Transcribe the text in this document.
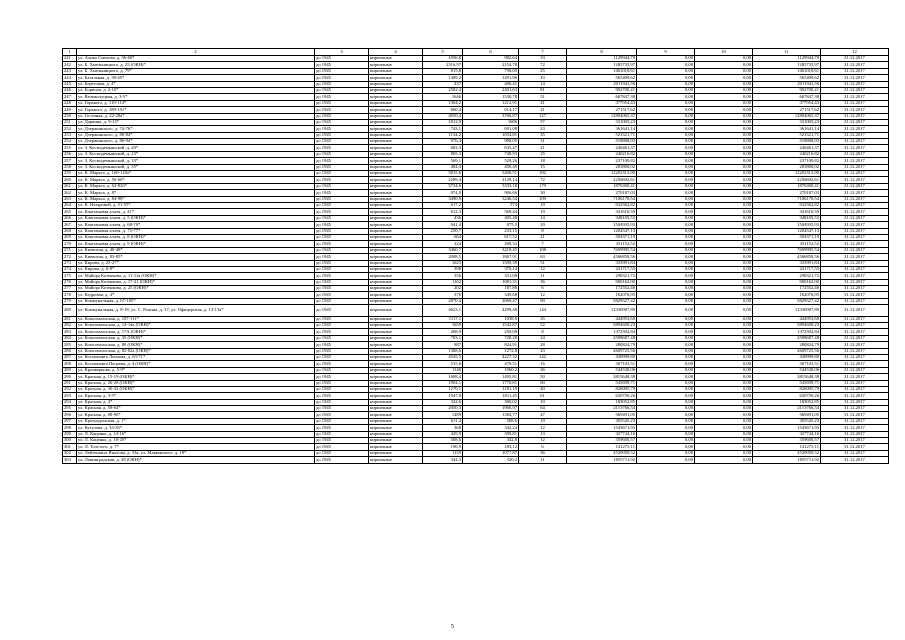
1	2	3	4	5	6	7	8	9	10	11	12
241	ул. Алика Смехова, д. 56-60*	до 1945	кирпичные	1056,8	982,64	33	1129944,79	0,00	0,00	1129944,79	31.12.2017
242	ул. Б. Хмельницкого, д. 25 (ОКН)*	до 1945	кирпичные	2316,97	2154,78	72	1285735,97	0,00	0,00	1285735,97	31.12.2017
243	ул. Б. Хмельницкого, д. 79*	до 1945	кирпичные	815,8	758,69	25	1461018,61	0,00	0,00	1461018,61	31.12.2017
244	ул. Батальная, д. 39-45*	до 1945	кирпичные	1389,2	1291,96	43	565409,62	0,00	0,00	565409,62	31.12.2017
245	ул. Береговая, д. 4*	до 1945	кирпичные	437	406,41	14	2011941,56	0,00	0,00	2011941,56	31.12.2017
246	ул. Борисна, д. 2-10*	до 1945	кирпичные	2582,4	2401,63	81	902700,21	0,00	0,00	902700,21	31.12.2017
247	ул. Великолуцкая, д. 3-5*	до 1945	кирпичные	1646	1530,78	51	667847,30	0,00	0,00	667847,30	31.12.2017
248	ул. Горького, д. 110-114*	до 1945	кирпичные	1304,2	1212,91	41	377954,43	0,00	0,00	377954,43	31.12.2017
249	ул. Горького, д. 189-191*	до 1945	кирпичные	660,4	614,17	21	271517,62	0,00	0,00	271517,62	31.12.2017
250	ул. Гостиная, д. 22-28а*	до 1945	кирпичные	4050,4	3766,87	127	12804065,37	0,00	0,00	12804065,37	31.12.2017
251	ул. Дарвина, д. 9-13*	до 1945	кирпичные	1812,9	1686	57	331003,23	0,00	0,00	331003,23	31.12.2017
252	ул. Дзержинского, д. 74-76*	до 1945	кирпичные	743,1	691,08	23	361641,14	0,00	0,00	361641,14	31.12.2017
253	ул. Дзержинского, д. 80-84*	до 1945	кирпичные	1134,2	1054,81	35	523321,71	0,00	0,00	523321,71	31.12.2017
254	ул. Дзержинского, д. 86-94*	до 1945	кирпичные	976,4	908,05	31	518808,03	0,00	0,00	518808,03	31.12.2017
255	ул. З. Космодемьянской, д. 20*	до 1945	кирпичные	683,3	635,47	21	246461,37	0,00	0,00	246461,37	31.12.2017
256	ул. З. Космодемьянской, д. 23*	до 1945	кирпичные	805,3	748,93	25	240216,82	0,00	0,00	240216,82	31.12.2017
257	ул. З. Космодемьянской, д. 33*	до 1945	кирпичные	569,1	529,26	18	237100,82	0,00	0,00	237100,82	31.12.2017
258	ул. З. Космодемьянской, д. 35*	до 1945	кирпичные	484,4	450,49	15	205800,02	0,00	0,00	205800,02	31.12.2017
259	ул. К. Маркса, д. 100-118а*	до 1945	кирпичные	5815,6	5408,51	182	12203313,90	0,00	0,00	12203313,90	31.12.2017
260	ул. К. Маркса, д. 56-60*	до 1945	кирпичные	2289,4	2129,14	72	2256602,61	0,00	0,00	2256602,61	31.12.2017
261	ул. К. Маркса, д. 62-82б*	до 1945	кирпичные	5734,6	5333,18	179	1876300,41	0,00	0,00	1876300,41	31.12.2017
262	ул. К. Маркса, д. 8*	до 1945	кирпичные	974,9	906,66	30	270187,03	0,00	0,00	270187,03	31.12.2017
263	ул. К. Маркса, д. 84-98*	до 1945	кирпичные	3490,9	3246,54	109	7106178,54	0,00	0,00	7106178,54	31.12.2017
264	ул. К. Назаровой, д. 51-55*	до 1945	кирпичные	617,2	574	19	632562,82	0,00	0,00	632562,82	31.12.2017
265	ул. Каштановая аллея, д. 41*	до 1945	кирпичные	612,3	569,44	19	341616,59	0,00	0,00	341616,59	31.12.2017
266	ул. Каштановая аллея, д. 5 (ОКН)*	до 1945	кирпичные	436	405,48	14	348105,53	0,00	0,00	348105,53	31.12.2017
267	ул. Каштановая аллея, д. 68-70*	до 1945	кирпичные	941,4	875,5	29	1504935,93	0,00	0,00	1504935,93	31.12.2017
268	ул. Каштановая аллея, д. 75-77*	до 1945	кирпичные	250,7	233,15	8	1204547,13	0,00	0,00	1204547,13	31.12.2017
269	ул. Каштановая аллея, д. 8 (ОКН)*	до 1945	кирпичные	664	617,52	21	504371,19	0,00	0,00	504371,19	31.12.2017
270	ул. Каштановая аллея, д. 9 (ОКН)*	до 1945	кирпичные	224	208,32	7	351152,52	0,00	0,00	351152,52	31.12.2017
271	ул. Киевская, д. 40-48*	до 1945	кирпичные	3460,7	3218,45	108	7609995,54	0,00	0,00	7609995,54	31.12.2017
272	ул. Киевская, д. 83-85*	до 1945	кирпичные	2008,5	1867,91	63	4566858,56	0,00	0,00	4566858,56	31.12.2017
273	ул. Кирова, д. 25-27*	до 1945	кирпичные	1623	1509,39	51	333991,84	0,00	0,00	333991,84	31.12.2017
274	ул. Кирова, д. 6-8*	до 1945	кирпичные	398	370,14	12	241717,55	0,00	0,00	241717,55	31.12.2017
275	ул. Майора Козенкова, д. 11-11а (ОКН)*	до 1945	кирпичные	356	331,08	11	298321,72	0,00	0,00	298321,72	31.12.2017
276	ул. Майора Козенкова, д. 17-21 (ОКН)*	до 1945	кирпичные	1162	1081,31	36	900162,00	0,00	0,00	900162,00	31.12.2017
277	ул. Майора Козенкова, д. 25 (ОКН)*	до 1945	кирпичные	202	187,86	6	172552,40	0,00	0,00	172552,40	31.12.2017
278	ул. Кедровая, д. 4*	до 1945	кирпичные	376	349,68	12	162076,95	0,00	0,00	162076,95	31.12.2017
279	ул. Коммунальная, д. 67-105*	до 1945	кирпичные	2870,4	2669,47	90	5829327,42	0,00	0,00	5829327,42	31.12.2017
280	ул. Коммунальная, д. 8-18, ул. С. Ропина, д. 37, ул. Офицерская, д. 13-13а*	до 1945	кирпичные	4623,1	4299,48	144	13330987,89	0,00	0,00	13330987,89	31.12.2017
281	ул. Комсомольская, д. 107-111*	до 1945	кирпичные	1117,1	1038,9	35	444953,68	0,00	0,00	444953,68	31.12.2017
282	ул. Комсомольская, д. 14-14а (ОКН)*	до 1945	кирпичные	1659	1542,87	52	5894600,23	0,00	0,00	5894600,23	31.12.2017
283	ул. Комсомольская, д. 17А (ОКН)*	до 1945	кирпичные	268,9	250,08	8	1372302,84	0,00	0,00	1372302,84	31.12.2017
284	ул. Комсомольская, д. 35 (ОКН)*	до 1945	кирпичные	783,1	728,28	24	2598687,48	0,00	0,00	2598687,48	31.12.2017
285	ул. Комсомольская, д. 80 (ОКН)*	до 1945	кирпичные	887	824,91	28	280824,79	0,00	0,00	280824,79	31.12.2017
286	ул. Комсомольская, д. 82-82а (ОКН)*	до 1945	кирпичные	1368,6	1272,8	43	2609725,56	0,00	0,00	2609725,56	31.12.2017
287	ул. Космонавта Леонова, д. 63-71*	до 1945	кирпичные	4545,5	4227,32	142	430999,80	0,00	0,00	430999,80	31.12.2017
288	ул. Космонавта Пацаева, д. 4 (ОКН)*	до 1945	кирпичные	515,6	479,51	16	307103,51	0,00	0,00	307103,51	31.12.2017
289	ул. Кронверкова, д. 5-9*	до 1945	кирпичные	1140	1060,2	36	544538,06	0,00	0,00	544538,06	31.12.2017
290	ул. Красная, д. 15-19 (ОКН)*	до 1945	кирпичные	1608,4	1495,81	50	3815648,38	0,00	0,00	3815648,38	31.12.2017
291	ул. Красная, д. 26-28 (ОКН)*	до 1945	кирпичные	1904,1	1770,81	60	545699,71	0,00	0,00	545699,71	31.12.2017
292	ул. Красная, д. 30-32 (ОКН)*	до 1945	кирпичные	1270,1	1181,19	40	826095,79	0,00	0,00	826095,79	31.12.2017
293	ул. Красная, д. 3-5*	до 1945	кирпичные	1947,8	1811,45	61	630750,26	0,00	0,00	630750,26	31.12.2017
294	ул. Красная, д. 4*	до 1945	кирпичные	322,6	300,02	10	183052,85	0,00	0,00	183052,85	31.12.2017
295	ул. Красная, д. 58-64*	до 1945	кирпичные	2050,3	1906,97	64	2113766,34	0,00	0,00	2113766,34	31.12.2017
296	ул. Красная, д. 88-90*	до 1945	кирпичные	1489	1384,77	47	369491,05	0,00	0,00	369491,05	31.12.2017
297	ул. Краснодонская, д. 1*	до 1945	кирпичные	611,4	568,6	19	305545,23	0,00	0,00	305545,23	31.12.2017
298	ул. Кутузова, д. 33-35*	до 1945	кирпичные	368	342,24	12	1543671,93	0,00	0,00	1543671,93	31.12.2017
299	ул. Л. Каценко, д. 14-16*	до 1945	кирпичные	429,9	399,81	13	327744,16	0,00	0,00	327744,16	31.12.2017
300	ул. Л. Каценко, д. 18-20*	до 1945	кирпичные	368,6	342,8	12	359600,57	0,00	0,00	359600,57	31.12.2017
301	ул. Л. Толстого, д. 7*	до 1945	кирпичные	196,9	183,12	6	141275,11	0,00	0,00	141275,11	31.12.2017
302	ул. Лейтенанта Яналова, д. 33а, ул. Маяковского, д. 18*	до 1945	кирпичные	1159	1077,87	36	2520950,52	0,00	0,00	2520950,52	31.12.2017
303	ул. Ленинградская, д. 28 (ОКН)*	до 1945	кирпичные	344,3	320,2	11	1855711,92	0,00	0,00	1855711,92	31.12.2017
5
